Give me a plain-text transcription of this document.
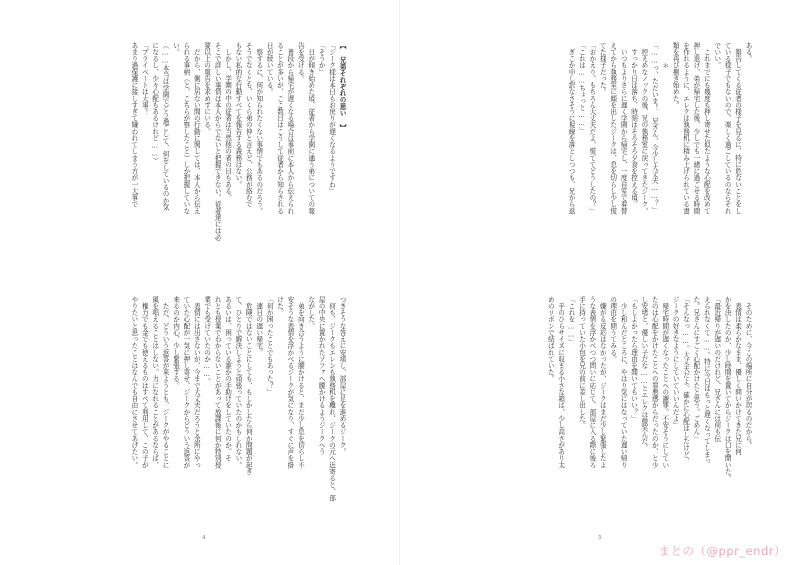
【 兄弟それぞれの思い 】

「ジーク様は本日もお戻りが遅くなるようですわ」

「そうか」

　日が傾き始めた頃、従者から学園に通う弟についての報

告を受ける。

　普段から帰宅が遅くなる場合は事前に本人から伝えられ

ることが多いが、ここ数日はこうして従者から知らされる

日が続いている。

　察するに、何か知られたくない事情でもあるのだろう。

そうでなくとも、いくら弟の仲と言えど、公務が絡むで

もない私的な行動すべてを報告する義務はない。

　しかし、学園の中の従者は当然他の者の目もある。

そこで詳しい事情は本人からでないと把握できない。従者達には必

要以上の報告を求めずにいる。

　だから、側に居ない間の行動に関しては、本人から伝え

られる事柄（と、こちらが察したこと）しか把握していな

い。

（……本当は学園でどう過ごして、何をしているのか気

になるし、少々心配もあるけれど……）

「プライベートは大事！

あまり過保護に接しすぎて嫌われてしまう方が一大事で

つきそうな答えに安堵し、部屋に足を進めるジーク。

　何も、ジークもエレンも執務机を離れ、ジークの元へ近寄ると、部

屋の中央に置かれたソファへ腰かけるようジークへう

ながした。

　弟を向き合うように腰かけると、まだ少し息を切らし不

安そうな表情を浮かべるジークが気になり、すぐに声を掛

けた。

「何か困ったことでもあった？」

　連日の遅い帰宅。

　危険ではないことにしても、もしかしたら何か問題が起き

て、ひとりで解決しようと頑張っていたのかもしれない。

あるいは、困っている誰かの手助けをしていたのか。そ

れとも授業でわからないことがあって放課後に何か特別授

業でも受けていたのか……。

　表情には出さないが、今まで大丈夫だろうと余所にやっ

ていた心配が一気に押し寄せ、ジークからどういう返答が

来るのか内心、少し緊張する。

　ただ、どういう返答が来ようとも、ジークがやることに

風を唱えることはしない。力になれることがあるならば、

　権力でも金でも使えるものはすべて利用して、この子が

やりたいと思ったことはなんでも自由にさせてあげたい。

4

ある。

　報告してくる従者の様子を見るに、特に危ないことをし

ている様子でもないので、楽しく過ごしているのならそれ

でいい。

　これまでにも幾度も押し寄せた似たような心配を改めて

押し退け、弟が帰宅した後、少しでも一緒に過ごせる時間

を作れるように、エレクは執務机に積み上げられている書

類を再び捌き始めた。

＊

「……っ、ただいま！　兄さん、今少し大丈夫……？」

　控えめなノックの後、兄の執務室に戻ってきたジーク。

　すっかり日は落ち、時刻はそろそろ夕食を控える頃。

　いつもよりさらに遅く学園から帰宅し、一度自室で着替

えてから執務室に顔を出したジークは、息を切らし少し慌

てた様子だった。

「おかえり。もちろん大丈夫だよ。慌ててどうしたの？」

「これは……ちょっと……」

　ぎこか申し訳なさそうに視線を落としつつも、兄から返

　そのために、今この場所に自分が居るのだから。

　表情は柔らかなまま、優しく問いかけてきた兄に何

かを決したのか、少し時間を置いてからジークは口を開いた。

「最近帰りが遅いのだけれど、兄さんには何も伝

えられなくて……。特に今日はもっと遅くなってしまっ

た。兄さんにすごく心配かけたと思う。ごめん」

「そんなっ……。大丈夫だよ。確かに心配はしたけど、

ジークの好きなようにしていていいんだよ」

　帰宅時間が遅くなったことへの謝罪。不安そうにしてい

たのは心配をかけたことへの罪悪感からだったのか、と少

し安堵と、優しい子だな……とエレクは微笑んだ。

「もしよかったら理由を聞いてもいい？」

　少し和んだところに、やはり気にはなっていた遅い帰り

の理由を問うてみる。

　嫌がる反応はなかったが、ジークはまだ少し緊張したよ

うな表情を浮かべつつ問いに応じて、部屋に入る際に後ろ

手に持っていた小包を兄の前に差し出した。

「これを……」

　手のひらサイズに収まる小さな箱は、少し高さがあり太

めのリボンで結ばれていた。

5
まとの（@ppr_endr）
